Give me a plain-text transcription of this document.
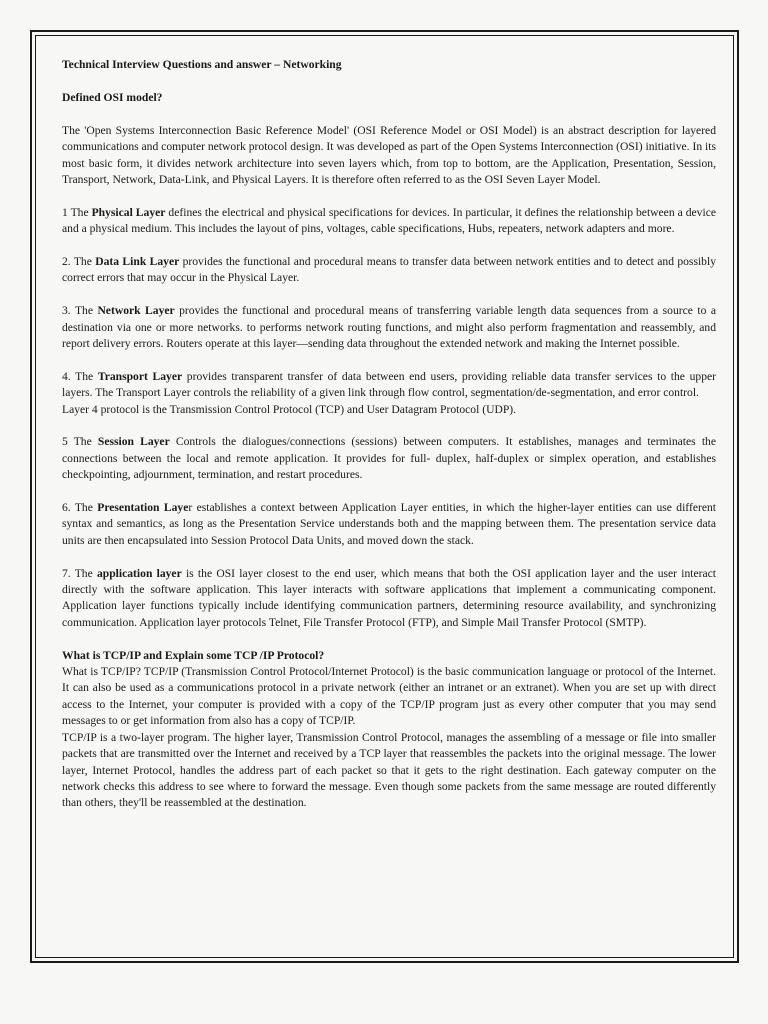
Technical Interview Questions and answer – Networking

Defined OSI model?

The 'Open Systems Interconnection Basic Reference Model' (OSI Reference Model or OSI Model) is an abstract description for layered communications and computer network protocol design. It was developed as part of the Open Systems Interconnection (OSI) initiative. In its most basic form, it divides network architecture into seven layers which, from top to bottom, are the Application, Presentation, Session, Transport, Network, Data-Link, and Physical Layers. It is therefore often referred to as the OSI Seven Layer Model.

1 The Physical Layer defines the electrical and physical specifications for devices. In particular, it defines the relationship between a device and a physical medium. This includes the layout of pins, voltages, cable specifications, Hubs, repeaters, network adapters and more.

2. The Data Link Layer provides the functional and procedural means to transfer data between network entities and to detect and possibly correct errors that may occur in the Physical Layer.

3. The Network Layer provides the functional and procedural means of transferring variable length data sequences from a source to a destination via one or more networks. to performs network routing functions, and might also perform fragmentation and reassembly, and report delivery errors. Routers operate at this layer—sending data throughout the extended network and making the Internet possible.

4. The Transport Layer provides transparent transfer of data between end users, providing reliable data transfer services to the upper layers. The Transport Layer controls the reliability of a given link through flow control, segmentation/de-segmentation, and error control.

Layer 4 protocol is the Transmission Control Protocol (TCP) and User Datagram Protocol (UDP).

5 The Session Layer Controls the dialogues/connections (sessions) between computers. It establishes, manages and terminates the connections between the local and remote application. It provides for full- duplex, half-duplex or simplex operation, and establishes checkpointing, adjournment, termination, and restart procedures.

6. The Presentation Layer establishes a context between Application Layer entities, in which the higher-layer entities can use different syntax and semantics, as long as the Presentation Service understands both and the mapping between them. The presentation service data units are then encapsulated into Session Protocol Data Units, and moved down the stack.

7. The application layer is the OSI layer closest to the end user, which means that both the OSI application layer and the user interact directly with the software application. This layer interacts with software applications that implement a communicating component. Application layer functions typically include identifying communication partners, determining resource availability, and synchronizing communication. Application layer protocols Telnet, File Transfer Protocol (FTP), and Simple Mail Transfer Protocol (SMTP).

What is TCP/IP and Explain some TCP /IP Protocol?

What is TCP/IP? TCP/IP (Transmission Control Protocol/Internet Protocol) is the basic communication language or protocol of the Internet. It can also be used as a communications protocol in a private network (either an intranet or an extranet). When you are set up with direct access to the Internet, your computer is provided with a copy of the TCP/IP program just as every other computer that you may send messages to or get information from also has a copy of TCP/IP.

TCP/IP is a two-layer program. The higher layer, Transmission Control Protocol, manages the assembling of a message or file into smaller packets that are transmitted over the Internet and received by a TCP layer that reassembles the packets into the original message. The lower layer, Internet Protocol, handles the address part of each packet so that it gets to the right destination. Each gateway computer on the network checks this address to see where to forward the message. Even though some packets from the same message are routed differently than others, they'll be reassembled at the destination.
